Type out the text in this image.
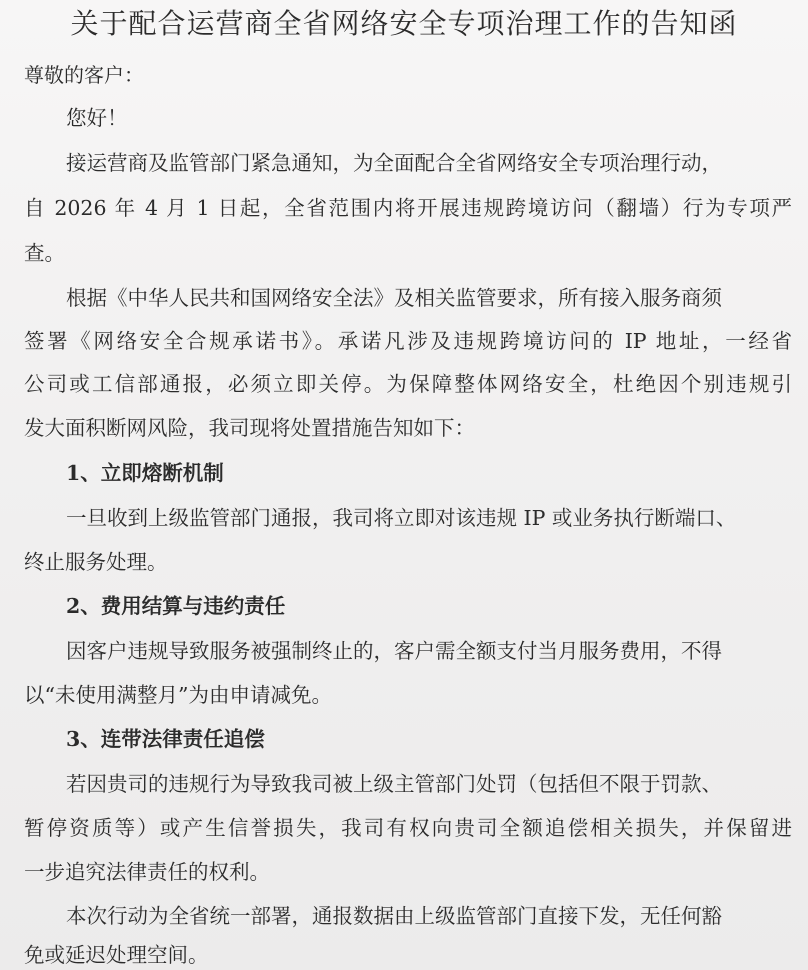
关于配合运营商全省网络安全专项治理工作的告知函
尊敬的客户：
您好！
接运营商及监管部门紧急通知，为全面配合全省网络安全专项治理行动，
自 2026 年 4 月 1 日起，全省范围内将开展违规跨境访问（翻墙）行为专项严
查。
根据《中华人民共和国网络安全法》及相关监管要求，所有接入服务商须
签署《网络安全合规承诺书》。承诺凡涉及违规跨境访问的 IP 地址，一经省
公司或工信部通报，必须立即关停。为保障整体网络安全，杜绝因个别违规引
发大面积断网风险，我司现将处置措施告知如下：
1、立即熔断机制
一旦收到上级监管部门通报，我司将立即对该违规 IP 或业务执行断端口、
终止服务处理。
2、费用结算与违约责任
因客户违规导致服务被强制终止的，客户需全额支付当月服务费用，不得
以“未使用满整月”为由申请减免。
3、连带法律责任追偿
若因贵司的违规行为导致我司被上级主管部门处罚（包括但不限于罚款、
暂停资质等）或产生信誉损失，我司有权向贵司全额追偿相关损失，并保留进
一步追究法律责任的权利。
本次行动为全省统一部署，通报数据由上级监管部门直接下发，无任何豁
免或延迟处理空间。
